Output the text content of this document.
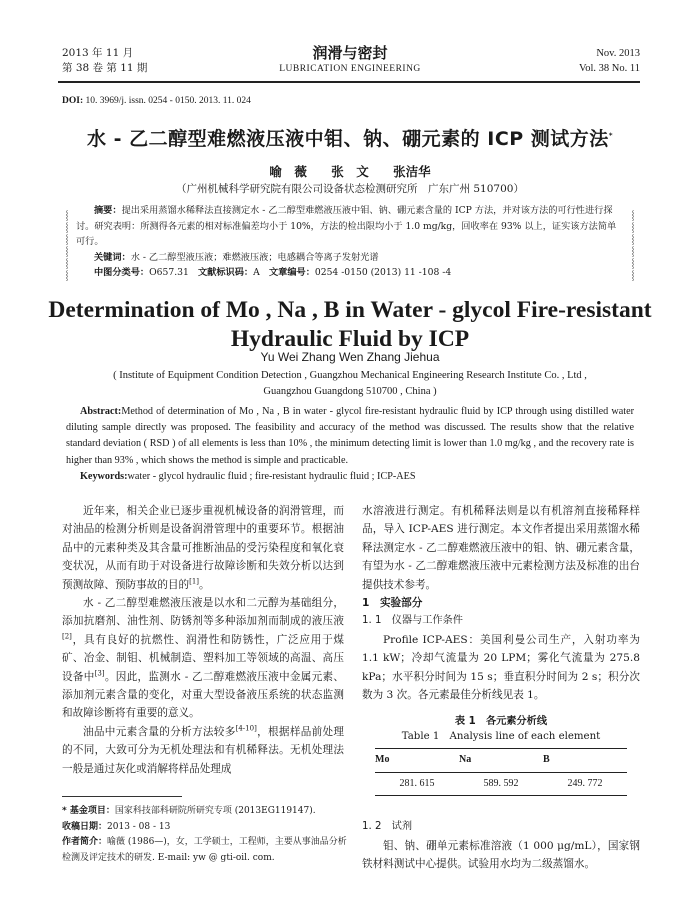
2013 年 11 月
第 38 卷 第 11 期
润滑与密封
LUBRICATION ENGINEERING
Nov. 2013
Vol. 38 No. 11
DOI: 10. 3969/j. issn. 0254 - 0150. 2013. 11. 024
水 - 乙二醇型难燃液压液中钼、钠、硼元素的 ICP 测试方法*
喻　薇 张　文 张洁华
（广州机械科学研究院有限公司设备状态检测研究所　广东广州 510700）
⸾
⸾
⸾
⸾
⸾
⸾
⸾
⸾
⸾
⸾
⸾
⸾

摘要：提出采用蒸馏水稀释法直接测定水 - 乙二醇型难燃液压液中钼、钠、硼元素含量的 ICP 方法，并对该方法的可行性进行探讨。研究表明：所测得各元素的相对标准偏差均小于 10%，方法的检出限均小于 1.0 mg/kg，回收率在 93% 以上，证实该方法简单可行。

关键词：水 - 乙二醇型液压液；难燃液压液；电感耦合等离子发射光谱

中图分类号：O657.31　 文献标识码：A　 文章编号：0254 -0150 (2013) 11 -108 -4

Determination of Mo , Na , B in Water - glycol Fire-resistant
Hydraulic Fluid by ICP
Yu Wei Zhang Wen Zhang Jiehua
( Institute of Equipment Condition Detection , Guangzhou Mechanical Engineering Research Institute Co. , Ltd ,
Guangzhou Guangdong 510700 , China )

Abstract:Method of determination of Mo , Na , B in water - glycol fire-resistant hydraulic fluid by ICP through using distilled water diluting sample directly was proposed. The feasibility and accuracy of the method was discussed. The results show that the relative standard deviation ( RSD ) of all elements is less than 10% , the minimum detecting limit is lower than 1.0 mg/kg , and the recovery rate is higher than 93% , which shows the method is simple and practicable.

Keywords:water - glycol hydraulic fluid ; fire-resistant hydraulic fluid ; ICP-AES

近年来，相关企业已逐步重视机械设备的润滑管理，而对油品的检测分析则是设备润滑管理中的重要环节。根据油品中的元素种类及其含量可推断油品的受污染程度和氧化衰变状况，从而有助于对设备进行故障诊断和失效分析以达到预测故障、预防事故的目的[1]。

水 - 乙二醇型难燃液压液是以水和二元醇为基础组分，添加抗磨剂、油性剂、防锈剂等多种添加剂而制成的液压液[2]，具有良好的抗燃性、润滑性和防锈性，广泛应用于煤矿、冶金、制钼、机械制造、塑料加工等领域的高温、高压设备中[3]。因此，监测水 - 乙二醇难燃液压液中金属元素、添加剂元素含量的变化，对重大型设备液压系统的状态监测和故障诊断将有重要的意义。

油品中元素含量的分析方法较多[4-10]，根据样品前处理的不同，大致可分为无机处理法和有机稀释法。无机处理法一般是通过灰化或消解将样品处理成

* 基金项目：国家科技部科研院所研究专项 (2013EG119147).
收稿日期：2013 - 08 - 13
作者简介：喻薇 (1986—)，女，工学硕士，工程师，主要从事油品分析检测及评定技术的研发. E-mail: yw @ gti-oil. com.

水溶液进行测定。有机稀释法则是以有机溶剂直接稀释样品，导入 ICP-AES 进行测定。本文作者提出采用蒸馏水稀释法测定水 - 乙二醇难燃液压液中的钼、钠、硼元素含量，有望为水 - 乙二醇难燃液压液中元素检测方法及标准的出台提供技术参考。

1　实验部分

1. 1　仪器与工作条件

Profile ICP-AES：美国利曼公司生产，入射功率为 1.1 kW；冷却气流量为 20 LPM；雾化气流量为 275.8 kPa；水平积分时间为 15 s；垂直积分时间为 2 s；积分次数为 3 次。各元素最佳分析线见表 1。

表 1　 各元素分析线
Table 1　Analysis line of each element
Mo	Na	B
281. 615	589. 592	249. 772

1. 2　试剂

钼、钠、硼单元素标准溶液（1 000 μg/mL），国家钢铁材料测试中心提供。试验用水均为二级蒸馏水。
